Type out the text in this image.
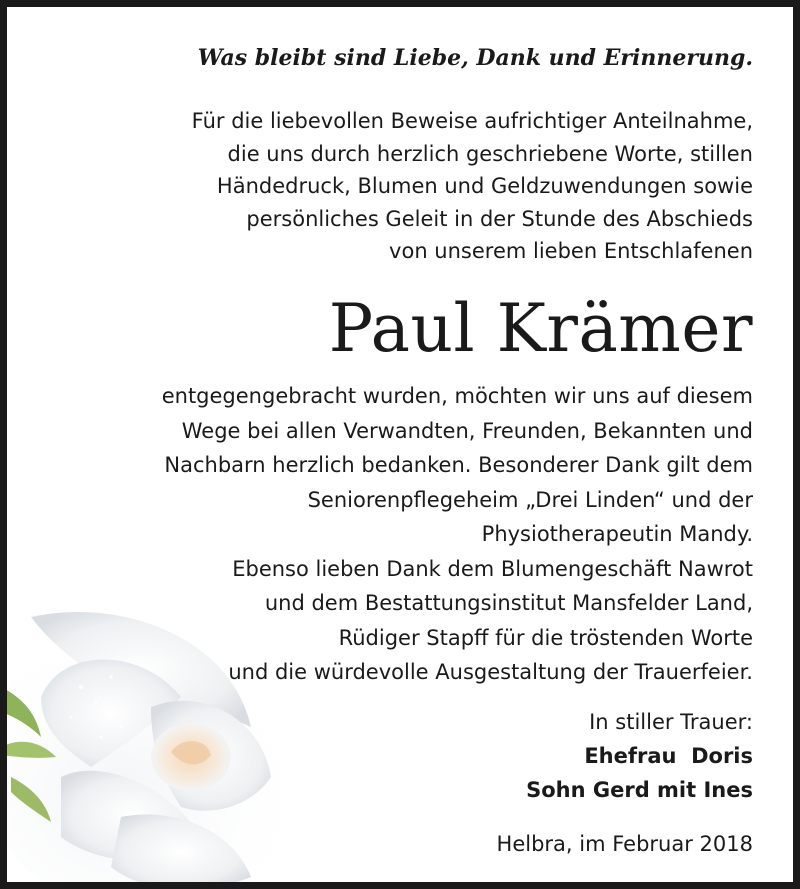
Was bleibt sind Liebe, Dank und Erinnerung.
Für die liebevollen Beweise aufrichtiger Anteilnahme,
die uns durch herzlich geschriebene Worte, stillen
Händedruck, Blumen und Geldzuwendungen sowie
persönliches Geleit in der Stunde des Abschieds
von unserem lieben Entschlafenen
Paul Krämer
entgegengebracht wurden, möchten wir uns auf diesem
Wege bei allen Verwandten, Freunden, Bekannten und
Nachbarn herzlich bedanken. Besonderer Dank gilt dem
Seniorenpflegeheim „Drei Linden“ und der
Physiotherapeutin Mandy.
Ebenso lieben Dank dem Blumengeschäft Nawrot
und dem Bestattungsinstitut Mansfelder Land,
Rüdiger Stapff für die tröstenden Worte
und die würdevolle Ausgestaltung der Trauerfeier.
In stiller Trauer:
Ehefrau  Doris
Sohn Gerd mit Ines
Helbra, im Februar 2018
